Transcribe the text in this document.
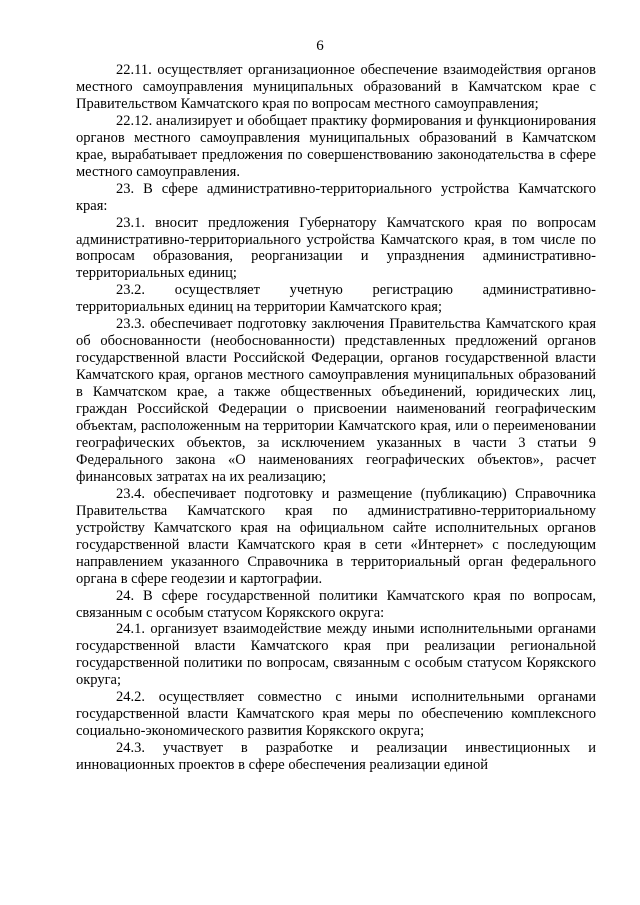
6

22.11. осуществляет организационное обеспечение взаимодействия органов местного самоуправления муниципальных образований в Камчатском крае с Правительством Камчатского края по вопросам местного самоуправления;

22.12. анализирует и обобщает практику формирования и функционирования органов местного самоуправления муниципальных образований в Камчатском крае, вырабатывает предложения по совершенствованию законодательства в сфере местного самоуправления.

23. В сфере административно-территориального устройства Камчатского края:

23.1. вносит предложения Губернатору Камчатского края по вопросам административно-территориального устройства Камчатского края, в том числе по вопросам образования, реорганизации и упразднения административно-территориальных единиц;

23.2. осуществляет учетную регистрацию административно-территориальных единиц на территории Камчатского края;

23.3. обеспечивает подготовку заключения Правительства Камчатского края об обоснованности (необоснованности) представленных предложений органов государственной власти Российской Федерации, органов государственной власти Камчатского края, органов местного самоуправления муниципальных образований в Камчатском крае, а также общественных объединений, юридических лиц, граждан Российской Федерации о присвоении наименований географическим объектам, расположенным на территории Камчатского края, или о переименовании географических объектов, за исключением указанных в части 3 статьи 9 Федерального закона «О наименованиях географических объектов», расчет финансовых затратах на их реализацию;

23.4. обеспечивает подготовку и размещение (публикацию) Справочника Правительства Камчатского края по административно-территориальному устройству Камчатского края на официальном сайте исполнительных органов государственной власти Камчатского края в сети «Интернет» с последующим направлением указанного Справочника в территориальный орган федерального органа в сфере геодезии и картографии.

24. В сфере государственной политики Камчатского края по вопросам, связанным с особым статусом Корякского округа:

24.1. организует взаимодействие между иными исполнительными органами государственной власти Камчатского края при реализации региональной государственной политики по вопросам, связанным с особым статусом Корякского округа;

24.2. осуществляет совместно с иными исполнительными органами государственной власти Камчатского края меры по обеспечению комплексного социально-экономического развития Корякского округа;

24.3. участвует в разработке и реализации инвестиционных и инновационных проектов в сфере обеспечения реализации единой
